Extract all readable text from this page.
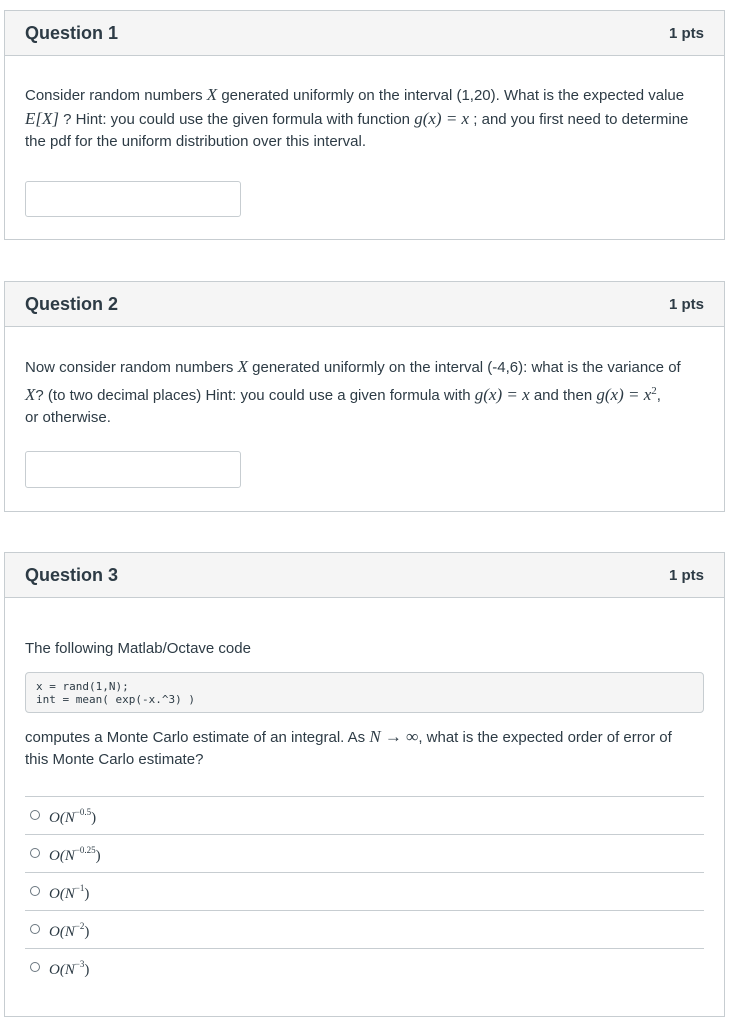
Question 1	1 pts
Consider random numbers X generated uniformly on the interval (1,20). What is the expected value
E[X] ? Hint: you could use the given formula with function g(x) = x ; and you first need to determine the pdf for the uniform distribution over this interval.
Question 2	1 pts
Now consider random numbers X generated uniformly on the interval (-4,6): what is the variance of
X? (to two decimal places) Hint: you could use a given formula with g(x) = x and then $g(x) = x^2$,
or otherwise.
Question 3	1 pts
The following Matlab/Octave code
x = rand(1,N);
int = mean( exp(-x.^3) )
computes a Monte Carlo estimate of an integral. As N → ∞, what is the expected order of error of
this Monte Carlo estimate?
$O(N^{-0.5})$
$O(N^{-0.25})$
$O(N^{-1})$
$O(N^{-2})$
$O(N^{-3})$
